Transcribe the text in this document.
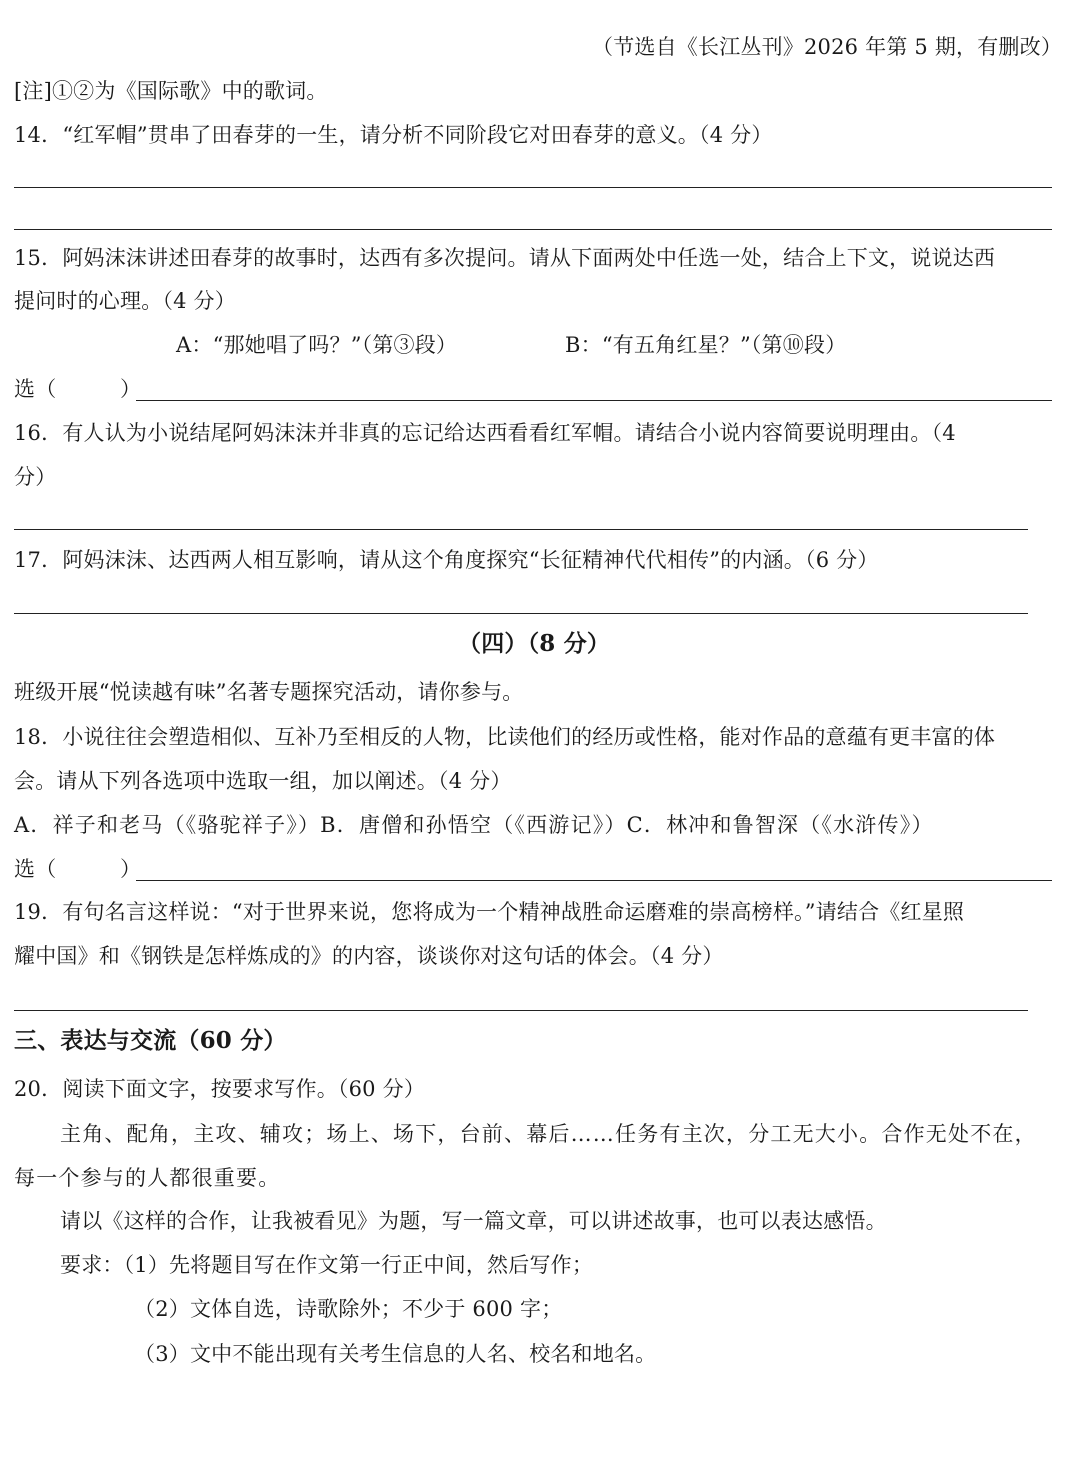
（节选自《长江丛刊》2026 年第 5 期，有删改）
[注]①②为《国际歌》中的歌词。
14．“红军帽”贯串了田春芽的一生，请分析不同阶段它对田春芽的意义。（4 分）
15．阿妈沫沫讲述田春芽的故事时，达西有多次提问。请从下面两处中任选一处，结合上下文，说说达西
提问时的心理。（4 分）
A：“那她唱了吗？”（第③段）	B：“有五角红星？”（第⑩段）
选（　　　）
16．有人认为小说结尾阿妈沫沫并非真的忘记给达西看看红军帽。请结合小说内容简要说明理由。（4
分）
17．阿妈沫沫、达西两人相互影响，请从这个角度探究“长征精神代代相传”的内涵。（6 分）
（四）（8 分）
班级开展“悦读越有味”名著专题探究活动，请你参与。
18．小说往往会塑造相似、互补乃至相反的人物，比读他们的经历或性格，能对作品的意蕴有更丰富的体
会。请从下列各选项中选取一组，加以阐述。（4 分）
A．祥子和老马（《骆驼祥子》）B．唐僧和孙悟空（《西游记》）C．林冲和鲁智深（《水浒传》）
选（　　　）
19．有句名言这样说：“对于世界来说，您将成为一个精神战胜命运磨难的崇高榜样。”请结合《红星照
耀中国》和《钢铁是怎样炼成的》的内容，谈谈你对这句话的体会。（4 分）
三、表达与交流（60 分）
20．阅读下面文字，按要求写作。（60 分）
主角、配角，主攻、辅攻；场上、场下，台前、幕后……任务有主次，分工无大小。合作无处不在，
每一个参与的人都很重要。
请以《这样的合作，让我被看见》为题，写一篇文章，可以讲述故事，也可以表达感悟。
要求：（1）先将题目写在作文第一行正中间，然后写作；
（2）文体自选，诗歌除外；不少于 600 字；
（3）文中不能出现有关考生信息的人名、校名和地名。
